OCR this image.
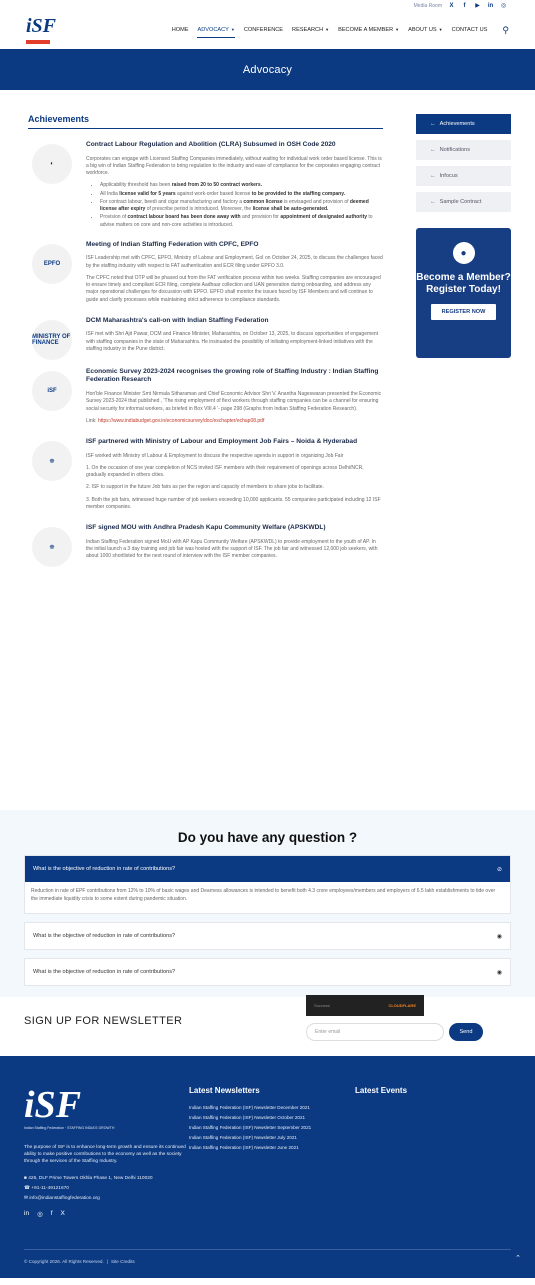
Media Room X	f	▶ in ◎
iSF	HOME ADVOCACY ▼ CONFERENCE RESEARCH ▼ BECOME A MEMBER ▼ ABOUT US ▼ CONTACT US ⚲
Advocacy
Achievements
◐
Contract Labour Regulation and Abolition (CLRA) Subsumed in OSH Code 2020

Corporates can engage with Licensed Staffing Companies immediately, without waiting for individual work order based license. This is a big win of Indian Staffing Federation to bring regulation to the industry and ease of compliance for the corporates engaging contract workforce.

• Applicability threshold has been raised from 20 to 50 contract workers.
• All India license valid for 5 years against work-order based license to be provided to the staffing company.
• For contract labour, beedi and cigar manufacturing and factory a common license is envisaged and provision of deemed license after expiry of prescribe period is introduced. Moreover, the license shall be auto-generated.
• Provision of contract labour board has been done away with and provision for appointment of designated authority to advise matters on core and non-core activities is introduced.
EPFO
Meeting of Indian Staffing Federation with CPFC, EPFO

ISF Leadership met with CPFC, EPFO, Ministry of Labour and Employment, GoI on October 24, 2025, to discuss the challenges faced by the staffing industry with respect to FAT authentication and ECR filing under EPFO 3.0.

The CPFC noted that OTP will be phased out from the FAT verification process within two weeks. Staffing companies are encouraged to ensure timely and compliant ECR filing, complete Aadhaar collection and UAN generation during onboarding, and address any major operational challenges for discussion with EPFO. EPFO shall monitor the issues faced by ISF Members and will continue to guide and clarify processes while maintaining strict adherence to compliance standards.

MINISTRY OF FINANCE
DCM Maharashtra's call-on with Indian Staffing Federation

ISF met with Shri Ajit Pawar, DCM and Finance Minister, Maharashtra, on October 13, 2025, to discuss opportunities of engagement with staffing companies in the state of Maharashtra. He insinuated the possibility of initiating employment-linked initiatives with the staffing industry in the Pune district.

iSF
Economic Survey 2023-2024 recognises the growing role of Staffing Industry : Indian Staffing Federation Research

Hon'ble Finance Minister Smt Nirmala Sitharaman and Chief Economic Advisor Shri V. Anantha Nageswaran presented the Economic Survey 2023-2024 that published , 'The rising employment of flexi workers through staffing companies can be a channel for ensuring social security for informal workers, as briefed in Box VIII.4 '- page 298 (Graphs from Indian Staffing Federation Research).

Link: https://www.indiabudget.gov.in/economicsurvey/doc/eschapter/echap08.pdf

☸
ISF partnered with Ministry of Labour and Employment Job Fairs – Noida & Hyderabad

ISF worked with Ministry of Labour & Employment to discuss the respective agenda in support in organizing Job Fair

1. On the occasion of one year completion of NCS invited ISF members with their requirement of openings across Delhi/NCR, gradually expanded in others cities.

2. ISF to support in the future Job fairs as per the region and capacity of members to share jobs to facilitate.

3. Both the job fairs, witnessed huge number of job seekers exceeding 10,000 applicants. 55 companies participated including 12 ISF member companies.

☸
ISF signed MOU with Andhra Pradesh Kapu Community Welfare (APSKWDL)

Indian Staffing Federation signed MoU with AP Kapu Community Welfare (APSKWDL) to provide employment to the youth of AP. In the initial launch a 3 day training and job fair was hosted with the support of ISF. The job fair and witnessed 12,000 job seekers, with about 1000 shortlisted for the next round of interview with the ISF member companies.

← Achievements
← Notifications
← Infocus
← Sample Contract
●
Become a Member? Register Today!
REGISTER NOW
Do you have any question ?
What is the objective of reduction in rate of contributions?	⊘
Reduction in rate of EPF contributions from 12% to 10% of basic wages and Dearness allowances is intended to benefit both 4.3 crore employees/members and employers of 6.5 lakh establishments to tide over the immediate liquidity crisis to some extent during pandemic situation.
What is the objective of reduction in rate of contributions?	◉
What is the objective of reduction in rate of contributions?	◉
SIGN UP FOR NEWSLETTER
Success!	CLOUDFLARE
Enter email	Send
iSF
Indian Staffing Federation · STAFFING INDIA'S GROWTH
The purpose of ISF is to enhance long-term growth and ensure its continued ability to make positive contributions to the economy as well as the society through the services of the Staffing Industry.
■ 426, DLF Prime Towers Okhla Phase 1, New Delhi 110020
☎ +91-11-49121670
✉ info@indianstaffingfederation.org
in ◎ f X
Latest Newsletters
Indian Staffing Federation (ISF) Newsletter December 2021
Indian Staffing Federation (ISF) Newsletter October 2021
Indian Staffing Federation (ISF) Newsletter September 2021
Indian Staffing Federation (ISF) Newsletter July 2021
Indian Staffing Federation (ISF) Newsletter June 2021
Latest Events
© Copyright 2026. All Rights Reserved. | Site Credits	⌃
